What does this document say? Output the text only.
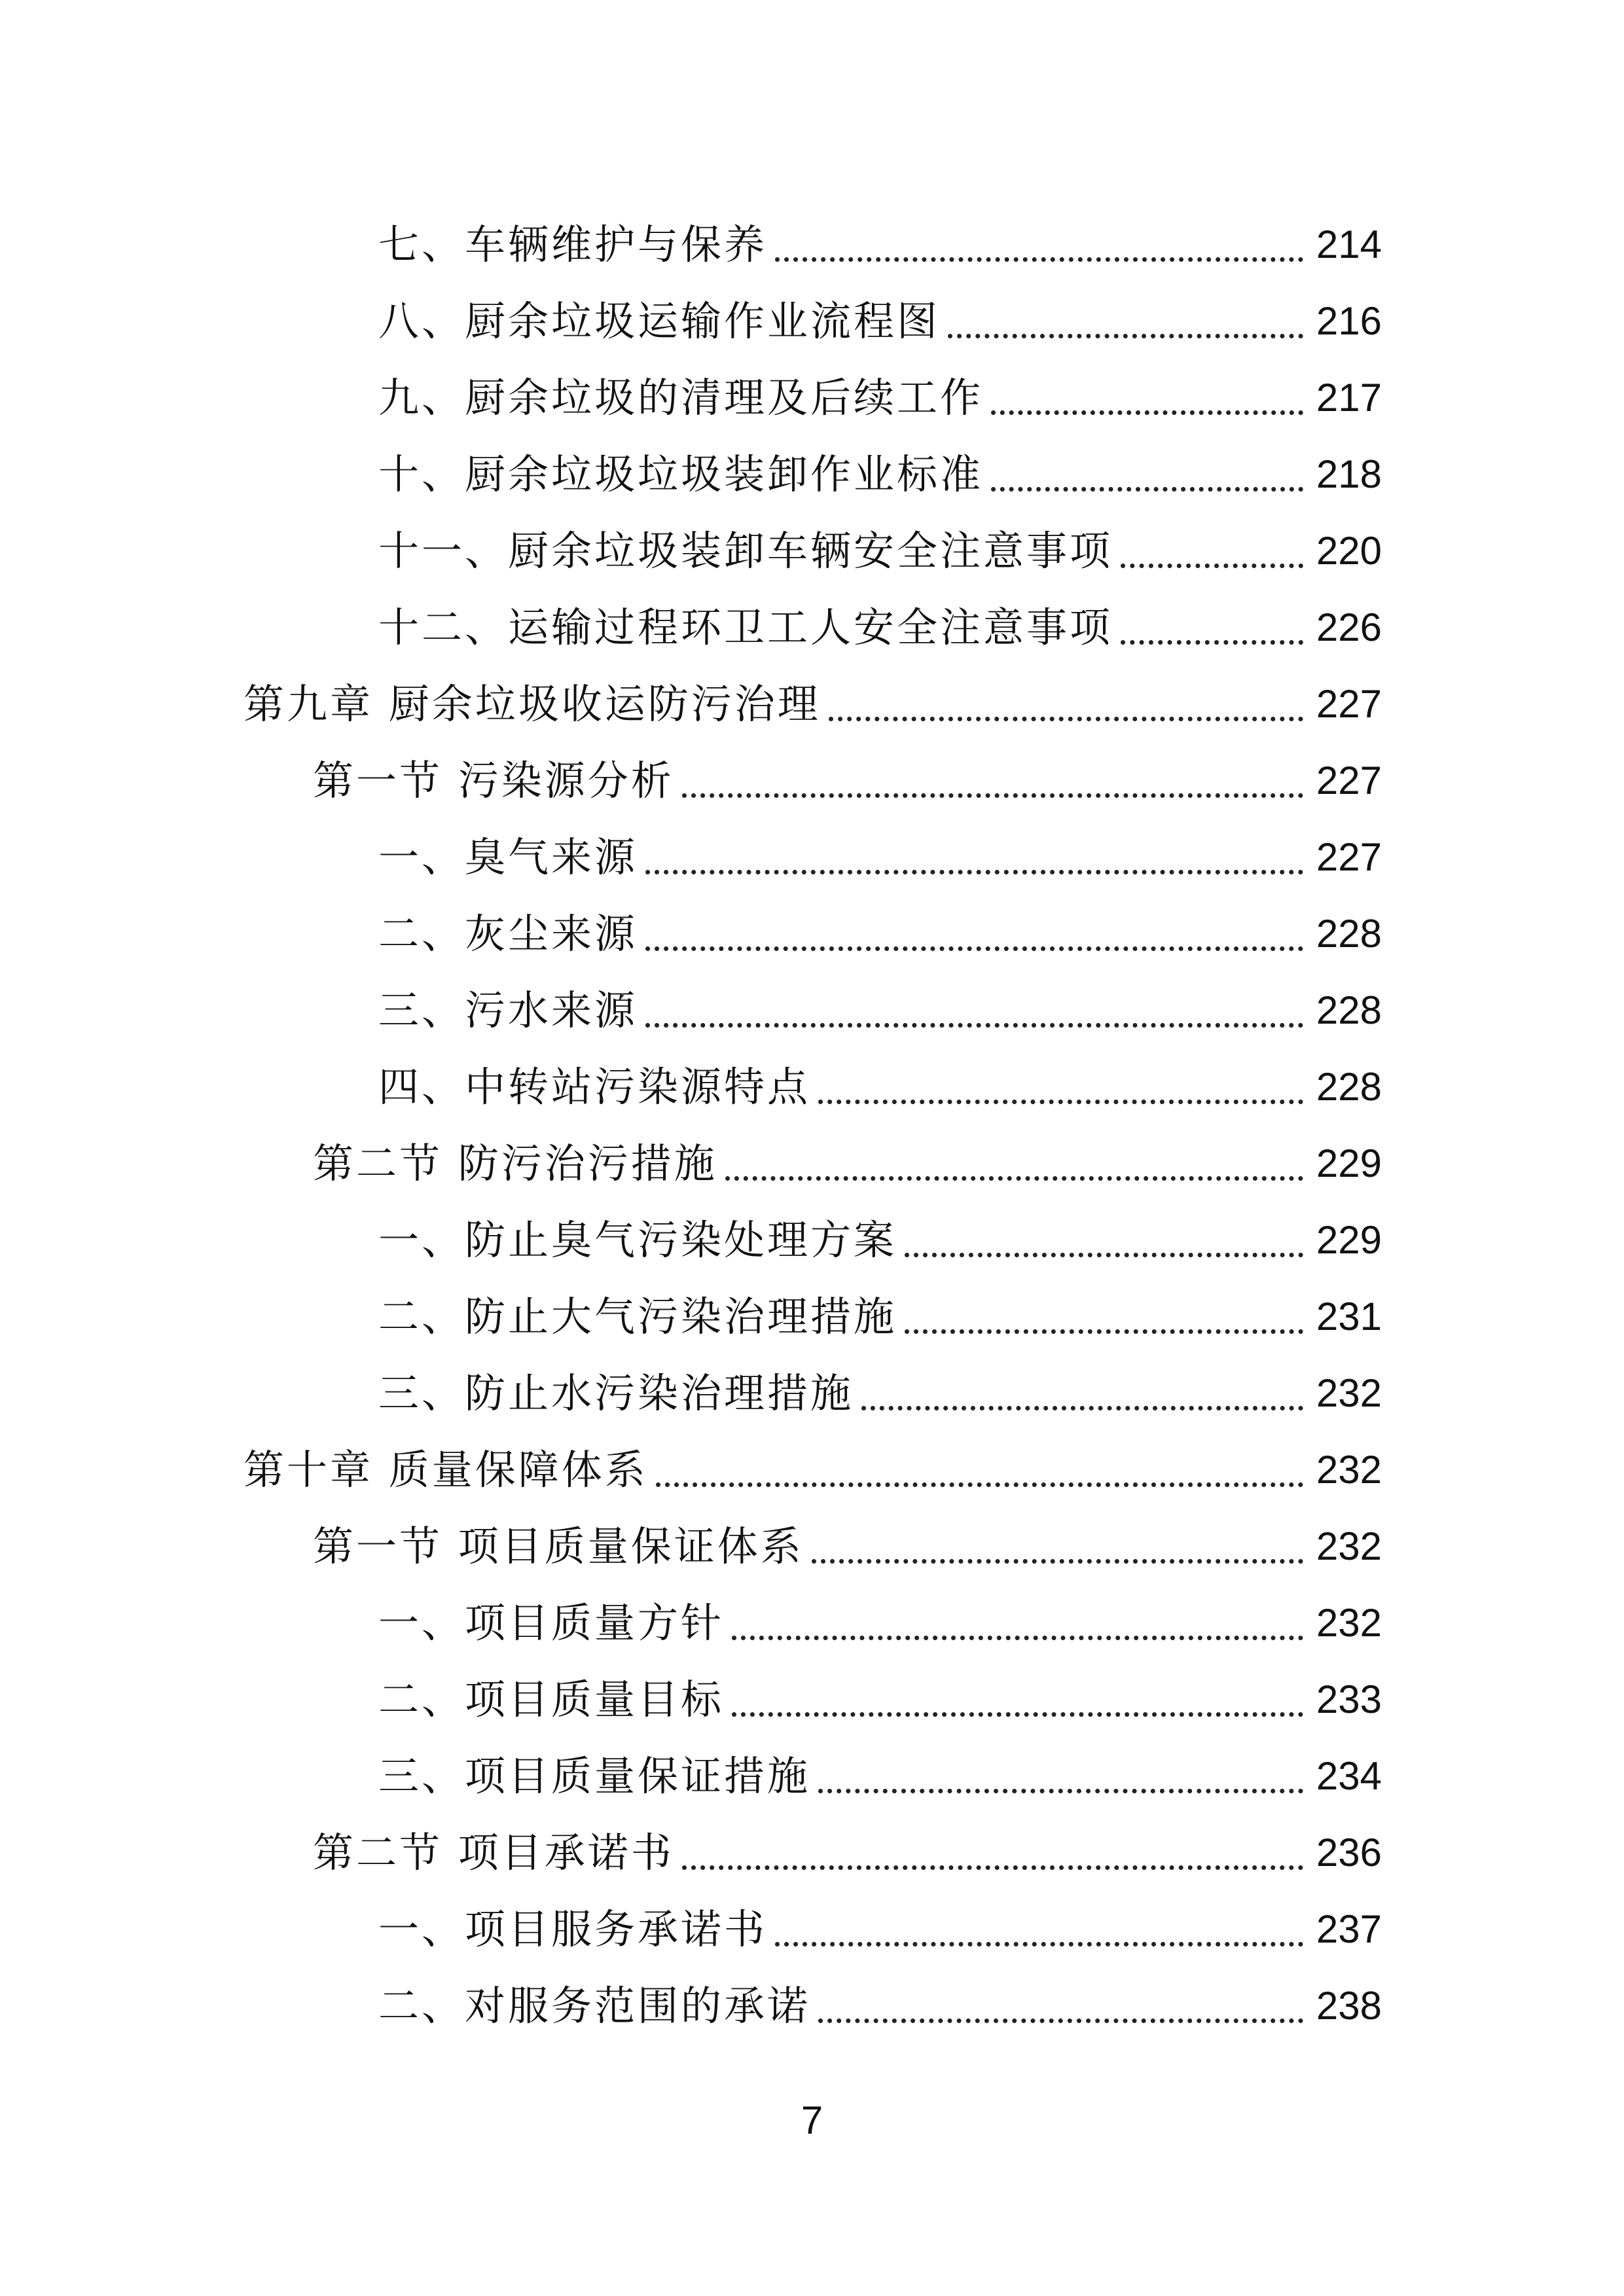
七、车辆维护与保养	214
八、厨余垃圾运输作业流程图	216
九、厨余垃圾的清理及后续工作	217
十、厨余垃圾垃圾装卸作业标准	218
十一、厨余垃圾装卸车辆安全注意事项	220
十二、运输过程环卫工人安全注意事项	226
第九章 厨余垃圾收运防污治理	227
第一节 污染源分析	227
一、臭气来源	227
二、灰尘来源	228
三、污水来源	228
四、中转站污染源特点	228
第二节 防污治污措施	229
一、防止臭气污染处理方案	229
二、防止大气污染治理措施	231
三、防止水污染治理措施	232
第十章 质量保障体系	232
第一节 项目质量保证体系	232
一、项目质量方针	232
二、项目质量目标	233
三、项目质量保证措施	234
第二节 项目承诺书	236
一、项目服务承诺书	237
二、对服务范围的承诺	238
7
